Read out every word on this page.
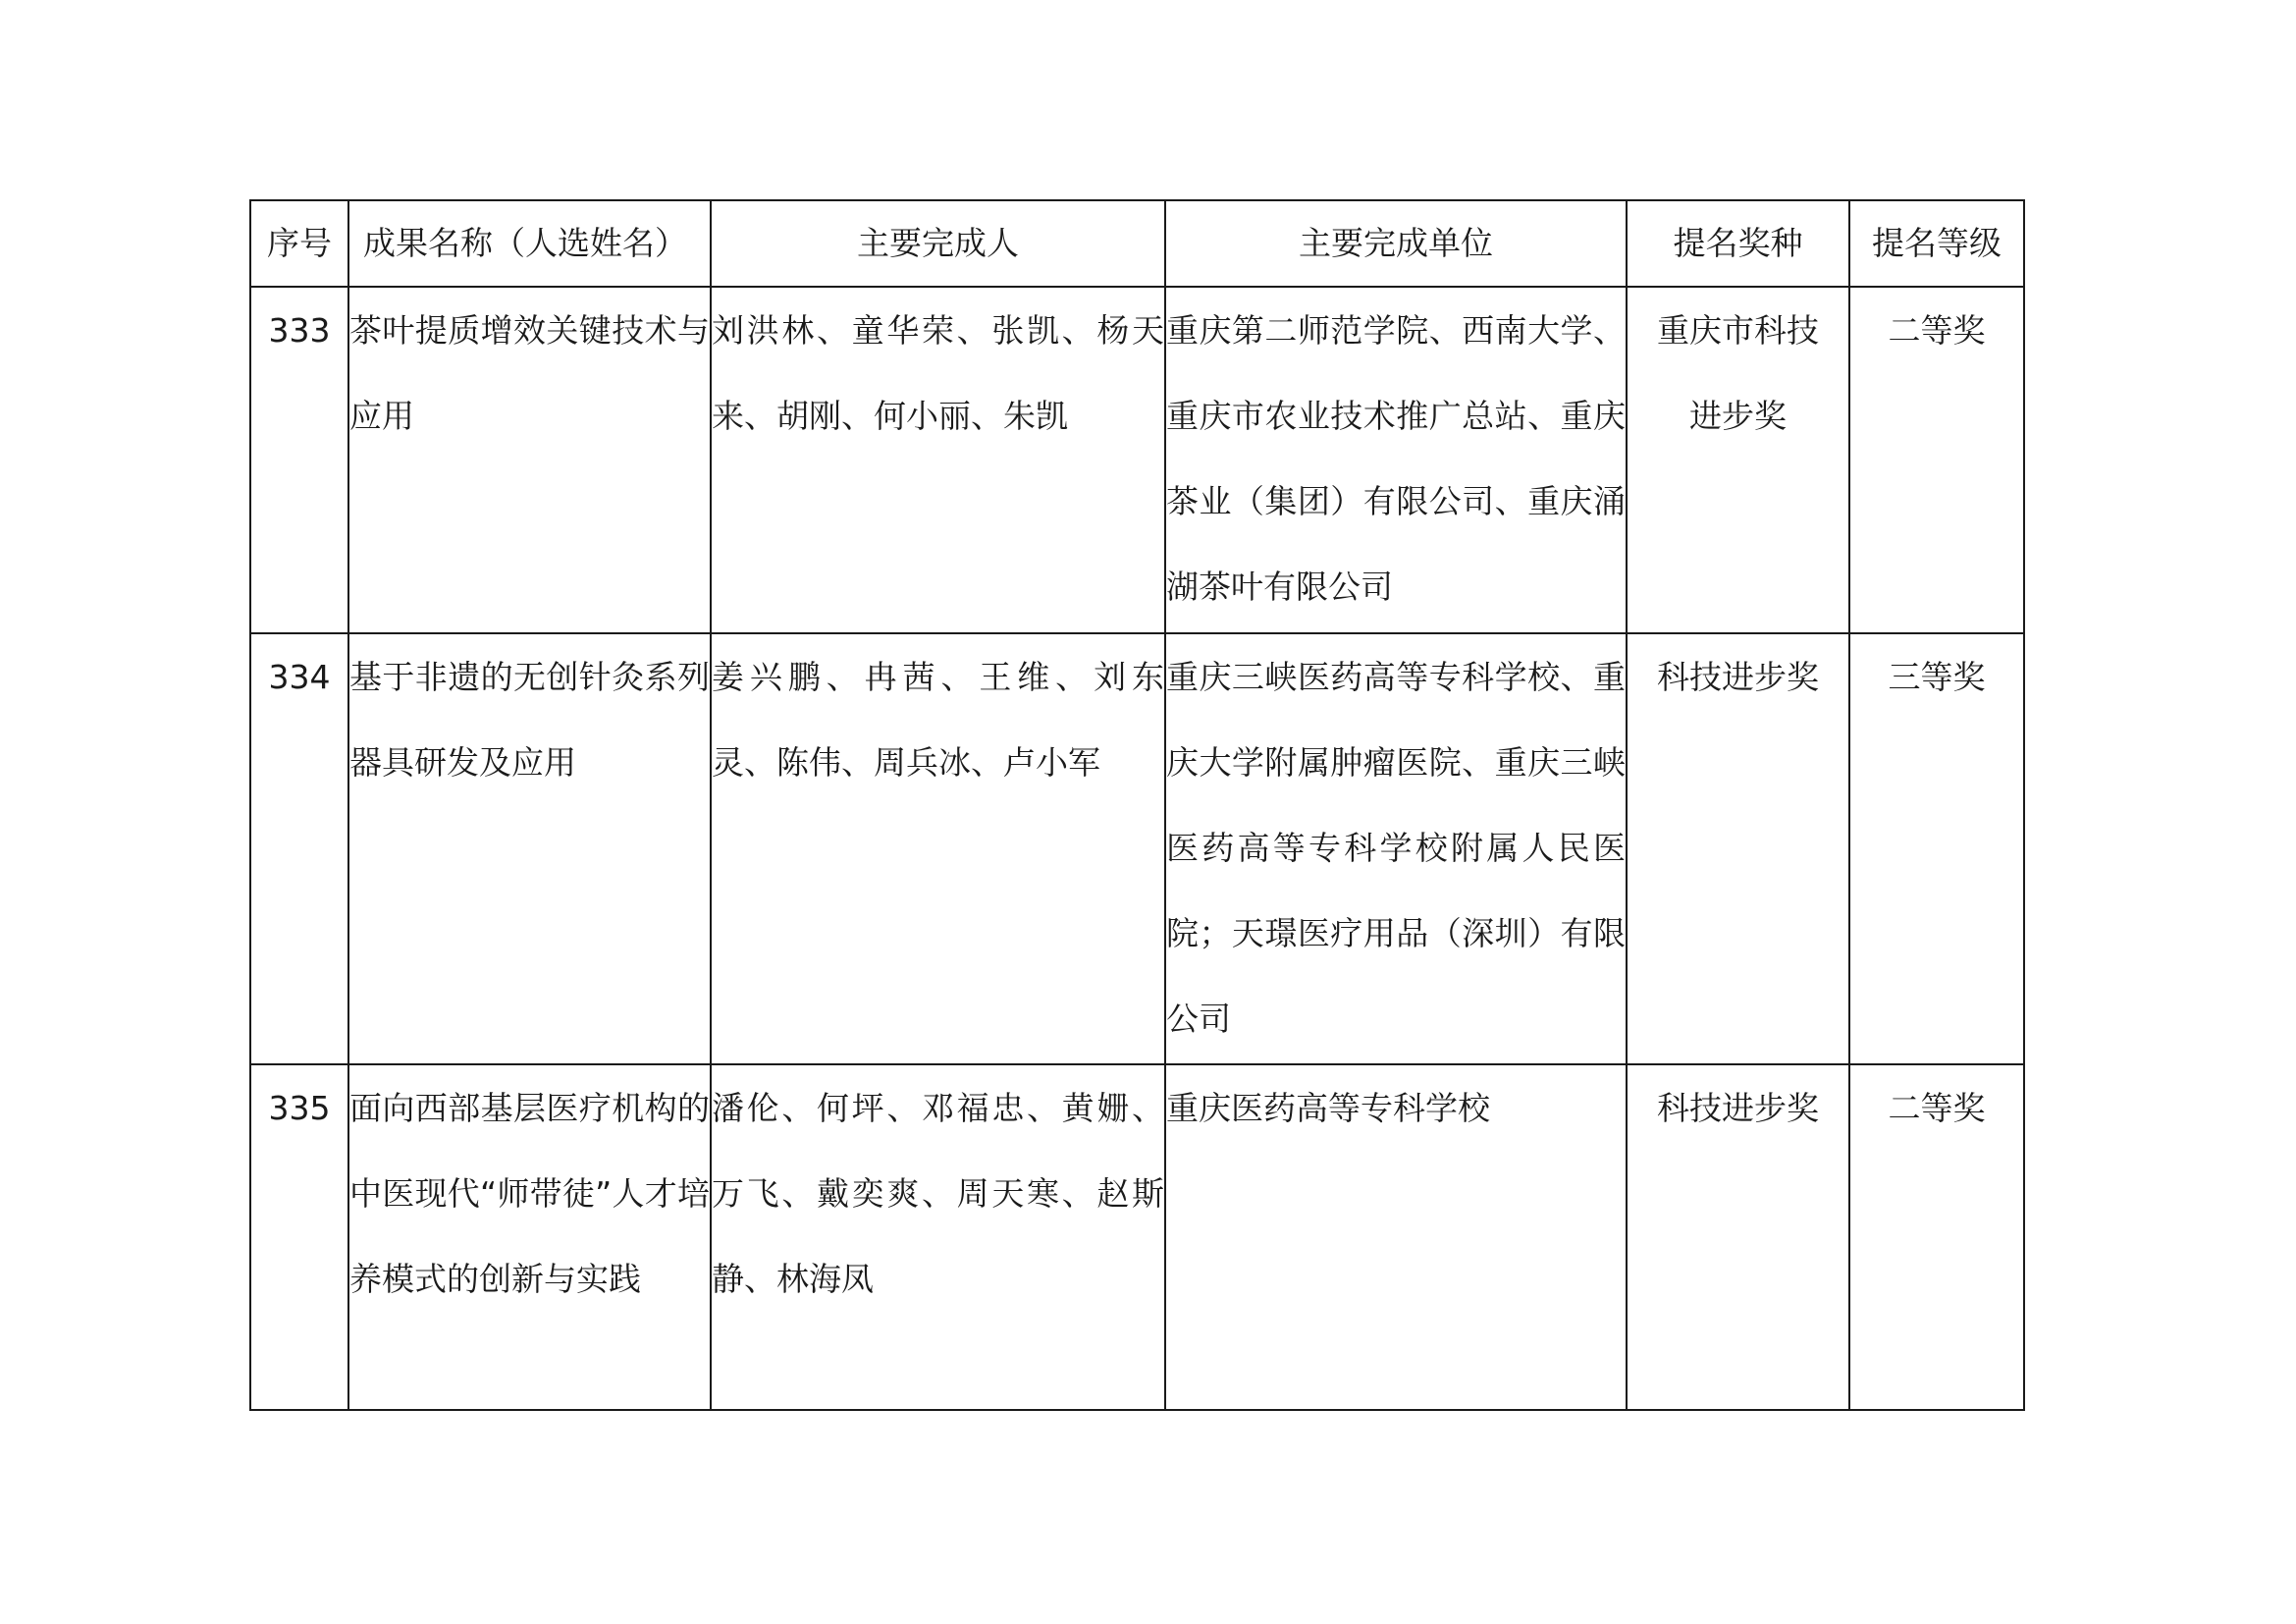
序号	成果名称（人选姓名）	主要完成人	主要完成单位	提名奖种	提名等级
333	茶叶提质增效关键技术与应用	刘洪林、童华荣、张凯、杨天来、胡刚、何小丽、朱凯	重庆第二师范学院、西南大学、重庆市农业技术推广总站、重庆茶业（集团）有限公司、重庆涌湖茶叶有限公司	重庆市科技进步奖	二等奖
334	基于非遗的无创针灸系列器具研发及应用	姜兴鹏、冉茜、王维、刘东灵、陈伟、周兵冰、卢小军	重庆三峡医药高等专科学校、重庆大学附属肿瘤医院、重庆三峡医药高等专科学校附属人民医院；天璟医疗用品（深圳）有限公司	科技进步奖	三等奖
335	面向西部基层医疗机构的中医现代“师带徒”人才培养模式的创新与实践	潘伦、何坪、邓福忠、黄姗、万飞、戴奕爽、周天寒、赵斯静、林海凤	重庆医药高等专科学校	科技进步奖	二等奖
